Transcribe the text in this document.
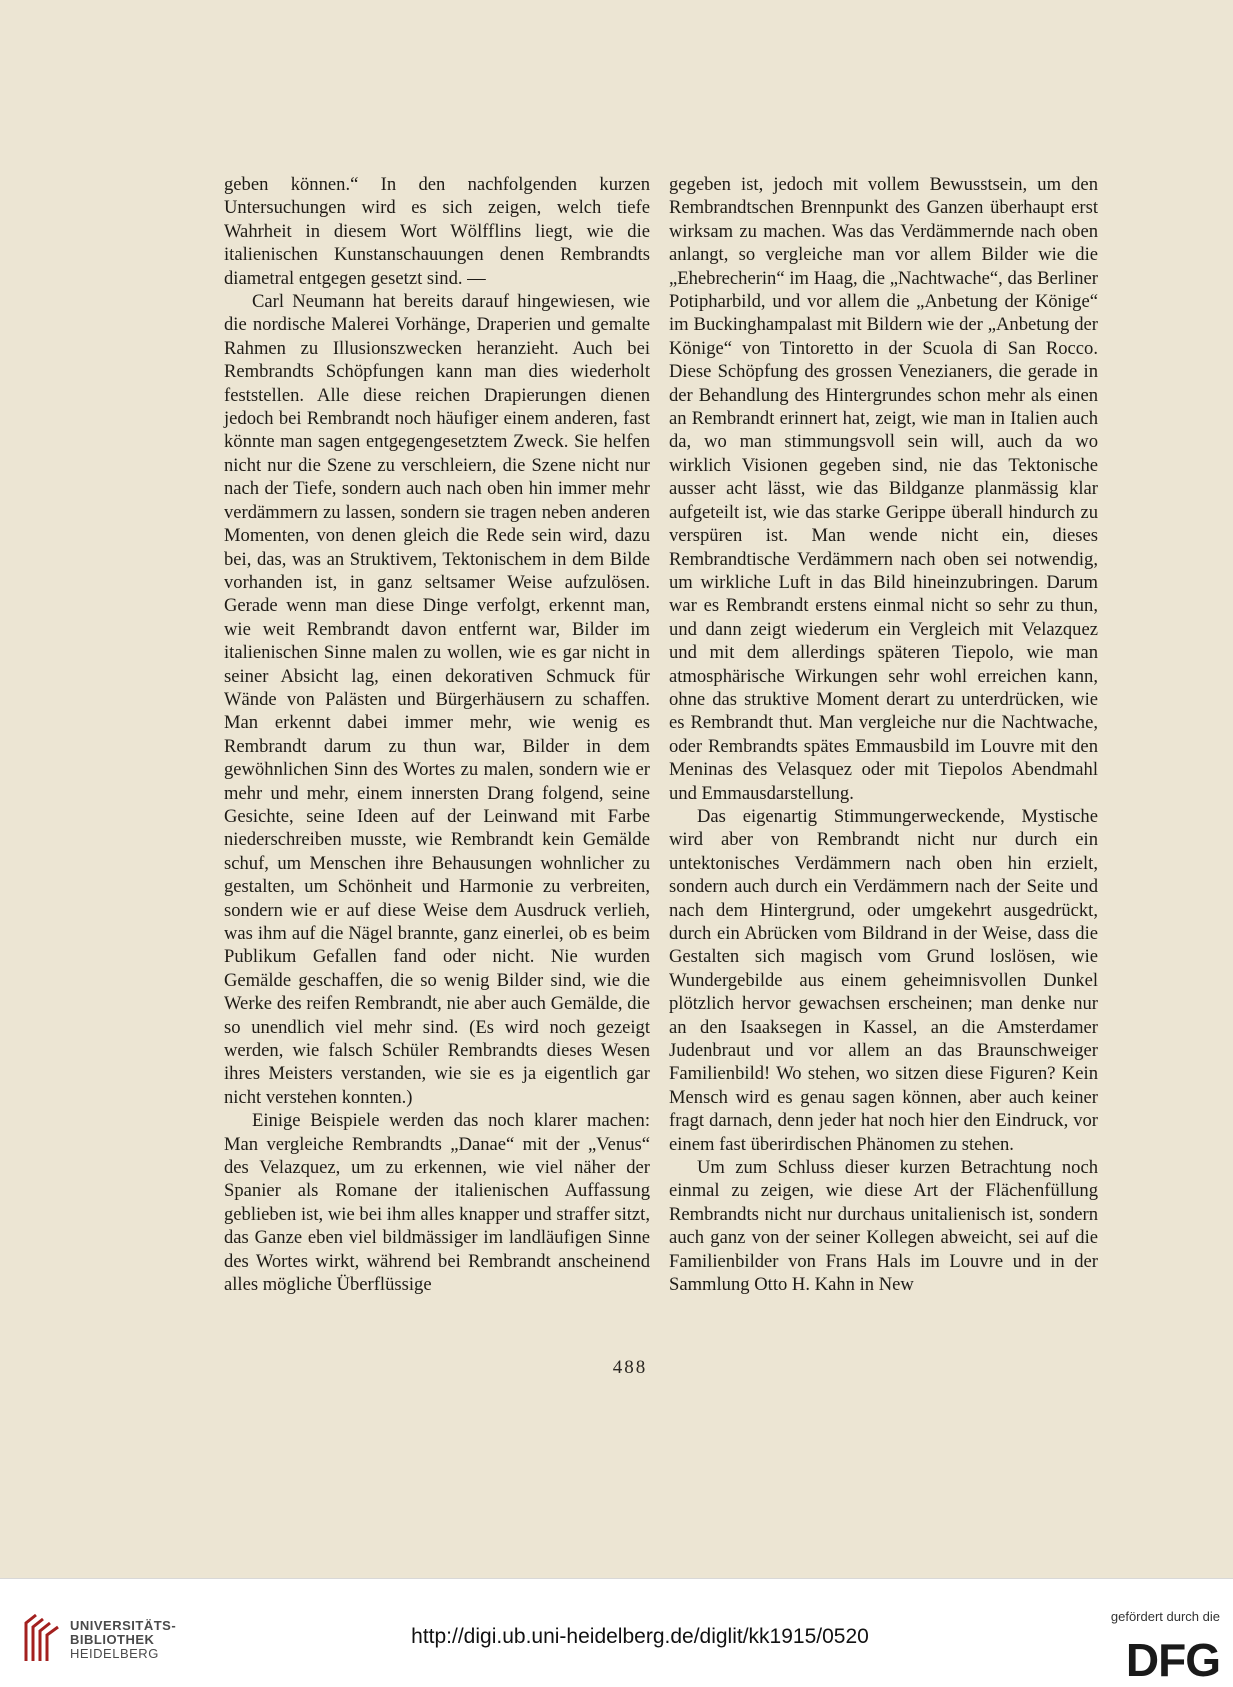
geben können.“ In den nachfolgenden kurzen Untersuchungen wird es sich zeigen, welch tiefe Wahrheit in diesem Wort Wölfflins liegt, wie die italienischen Kunstanschauungen denen Rembrandts diametral entgegen gesetzt sind. —

Carl Neumann hat bereits darauf hingewiesen, wie die nordische Malerei Vorhänge, Draperien und gemalte Rahmen zu Illusionszwecken heranzieht. Auch bei Rembrandts Schöpfungen kann man dies wiederholt feststellen. Alle diese reichen Drapierungen dienen jedoch bei Rembrandt noch häufiger einem anderen, fast könnte man sagen entgegengesetztem Zweck. Sie helfen nicht nur die Szene zu verschleiern, die Szene nicht nur nach der Tiefe, sondern auch nach oben hin immer mehr verdämmern zu lassen, sondern sie tragen neben anderen Momenten, von denen gleich die Rede sein wird, dazu bei, das, was an Struktivem, Tektonischem in dem Bilde vorhanden ist, in ganz seltsamer Weise aufzulösen. Gerade wenn man diese Dinge verfolgt, erkennt man, wie weit Rembrandt davon entfernt war, Bilder im italienischen Sinne malen zu wollen, wie es gar nicht in seiner Absicht lag, einen dekorativen Schmuck für Wände von Palästen und Bürgerhäusern zu schaffen. Man erkennt dabei immer mehr, wie wenig es Rembrandt darum zu thun war, Bilder in dem gewöhnlichen Sinn des Wortes zu malen, sondern wie er mehr und mehr, einem innersten Drang folgend, seine Gesichte, seine Ideen auf der Leinwand mit Farbe niederschreiben musste, wie Rembrandt kein Gemälde schuf, um Menschen ihre Behausungen wohnlicher zu gestalten, um Schönheit und Harmonie zu verbreiten, sondern wie er auf diese Weise dem Ausdruck verlieh, was ihm auf die Nägel brannte, ganz einerlei, ob es beim Publikum Gefallen fand oder nicht. Nie wurden Gemälde geschaffen, die so wenig Bilder sind, wie die Werke des reifen Rembrandt, nie aber auch Gemälde, die so unendlich viel mehr sind. (Es wird noch gezeigt werden, wie falsch Schüler Rembrandts dieses Wesen ihres Meisters verstanden, wie sie es ja eigentlich gar nicht verstehen konnten.)

Einige Beispiele werden das noch klarer machen: Man vergleiche Rembrandts „Danae“ mit der „Venus“ des Velazquez, um zu erkennen, wie viel näher der Spanier als Romane der italienischen Auffassung geblieben ist, wie bei ihm alles knapper und straffer sitzt, das Ganze eben viel bildmässiger im landläufigen Sinne des Wortes wirkt, während bei Rembrandt anscheinend alles mögliche Überflüssige

gegeben ist, jedoch mit vollem Bewusstsein, um den Rembrandtschen Brennpunkt des Ganzen überhaupt erst wirksam zu machen. Was das Verdämmernde nach oben anlangt, so vergleiche man vor allem Bilder wie die „Ehebrecherin“ im Haag, die „Nachtwache“, das Berliner Potipharbild, und vor allem die „Anbetung der Könige“ im Buckinghampalast mit Bildern wie der „Anbetung der Könige“ von Tintoretto in der Scuola di San Rocco. Diese Schöpfung des grossen Venezianers, die gerade in der Behandlung des Hintergrundes schon mehr als einen an Rembrandt erinnert hat, zeigt, wie man in Italien auch da, wo man stimmungsvoll sein will, auch da wo wirklich Visionen gegeben sind, nie das Tektonische ausser acht lässt, wie das Bildganze planmässig klar aufgeteilt ist, wie das starke Gerippe überall hindurch zu verspüren ist. Man wende nicht ein, dieses Rembrandtische Verdämmern nach oben sei notwendig, um wirkliche Luft in das Bild hineinzubringen. Darum war es Rembrandt erstens einmal nicht so sehr zu thun, und dann zeigt wiederum ein Vergleich mit Velazquez und mit dem allerdings späteren Tiepolo, wie man atmosphärische Wirkungen sehr wohl erreichen kann, ohne das struktive Moment derart zu unterdrücken, wie es Rembrandt thut. Man vergleiche nur die Nachtwache, oder Rembrandts spätes Emmausbild im Louvre mit den Meninas des Velasquez oder mit Tiepolos Abendmahl und Emmausdarstellung.

Das eigenartig Stimmungerweckende, Mystische wird aber von Rembrandt nicht nur durch ein untektonisches Verdämmern nach oben hin erzielt, sondern auch durch ein Verdämmern nach der Seite und nach dem Hintergrund, oder umgekehrt ausgedrückt, durch ein Abrücken vom Bildrand in der Weise, dass die Gestalten sich magisch vom Grund loslösen, wie Wundergebilde aus einem geheimnisvollen Dunkel plötzlich hervor gewachsen erscheinen; man denke nur an den Isaaksegen in Kassel, an die Amsterdamer Judenbraut und vor allem an das Braunschweiger Familienbild! Wo stehen, wo sitzen diese Figuren? Kein Mensch wird es genau sagen können, aber auch keiner fragt darnach, denn jeder hat noch hier den Eindruck, vor einem fast überirdischen Phänomen zu stehen.

Um zum Schluss dieser kurzen Betrachtung noch einmal zu zeigen, wie diese Art der Flächenfüllung Rembrandts nicht nur durchaus unitalienisch ist, sondern auch ganz von der seiner Kollegen abweicht, sei auf die Familienbilder von Frans Hals im Louvre und in der Sammlung Otto H. Kahn in New

488
UNIVERSITÄTS-
BIBLIOTHEK
HEIDELBERG
http://digi.ub.uni-heidelberg.de/diglit/kk1915/0520
gefördert durch die
DFG
